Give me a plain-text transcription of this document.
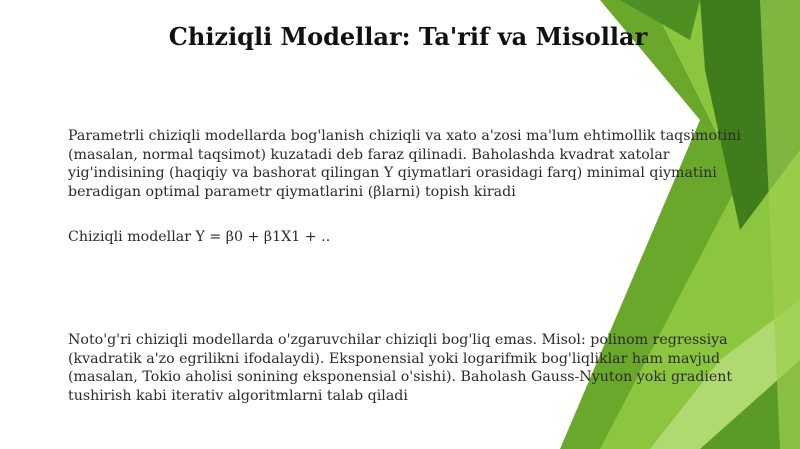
Chiziqli Modellar: Ta'rif va Misollar
Parametrli chiziqli modellarda bog'lanish chiziqli va xato a'zosi ma'lum ehtimollik taqsimotini
(masalan, normal taqsimot) kuzatadi deb faraz qilinadi. Baholashda kvadrat xatolar
yig'indisining (haqiqiy va bashorat qilingan Y qiymatlari orasidagi farq) minimal qiymatini
beradigan optimal parametr qiymatlarini (βlarni) topish kiradi
Chiziqli modellar Y = β0 + β1X1 + ..
Noto'g'ri chiziqli modellarda o'zgaruvchilar chiziqli bog'liq emas. Misol: polinom regressiya
(kvadratik a'zo egrilikni ifodalaydi). Eksponensial yoki logarifmik bog'liqliklar ham mavjud
(masalan, Tokio aholisi sonining eksponensial o'sishi). Baholash Gauss-Nyuton yoki gradient
tushirish kabi iterativ algoritmlarni talab qiladi
